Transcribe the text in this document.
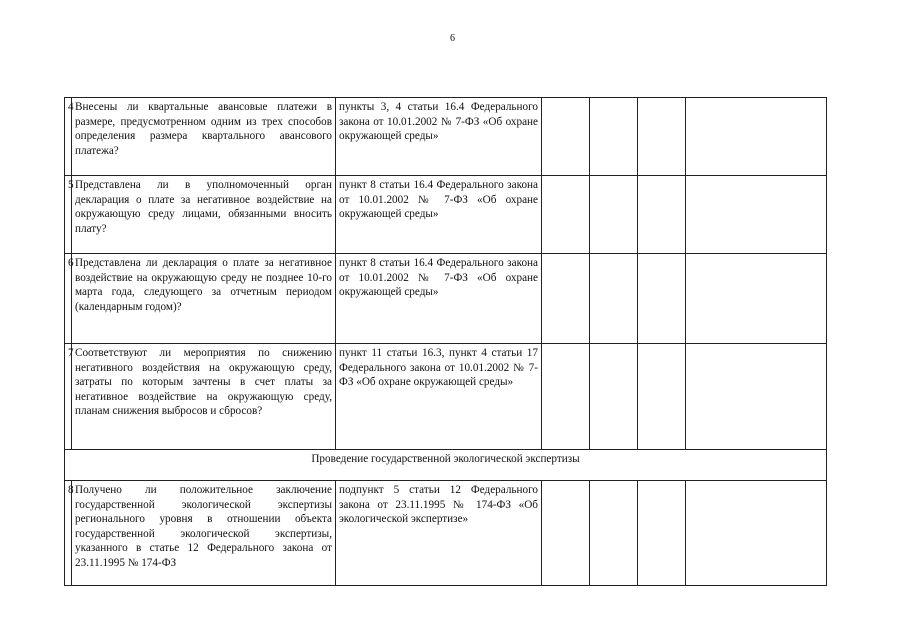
6
4	Внесены ли квартальные авансовые платежи в размере, предусмотренном одним из трех способов определения размера квартального авансового платежа?	пункты 3, 4 статьи 16.4 Федерального закона от 10.01.2002 № 7-ФЗ «Об охране окружающей среды»				
5	Представлена ли в уполномоченный орган декларация о плате за негативное воздействие на окружающую среду лицами, обязанными вносить плату?	пункт 8 статьи 16.4 Федерального закона от 10.01.2002 № 7-ФЗ «Об охране окружающей среды»				
6	Представлена ли декларация о плате за негативное воздействие на окружающую среду не позднее 10-го марта года, следующего за отчетным периодом (календарным годом)?	пункт 8 статьи 16.4 Федерального закона от 10.01.2002 № 7-ФЗ «Об охране окружающей среды»				
7	Соответствуют ли мероприятия по снижению негативного воздействия на окружающую среду, затраты по которым зачтены в счет платы за негативное воздействие на окружающую среду, планам снижения выбросов и сбросов?	пункт 11 статьи 16.3, пункт 4 статьи 17 Федерального закона от 10.01.2002 № 7-ФЗ «Об охране окружающей среды»				
Проведение государственной экологической экспертизы						
8	Получено ли положительное заключение государственной экологической экспертизы регионального уровня в отношении объекта государственной экологической экспертизы, указанного в статье 12 Федерального закона от 23.11.1995 № 174-ФЗ	подпункт 5 статьи 12 Федерального закона от 23.11.1995 № 174-ФЗ «Об экологической экспертизе»				
